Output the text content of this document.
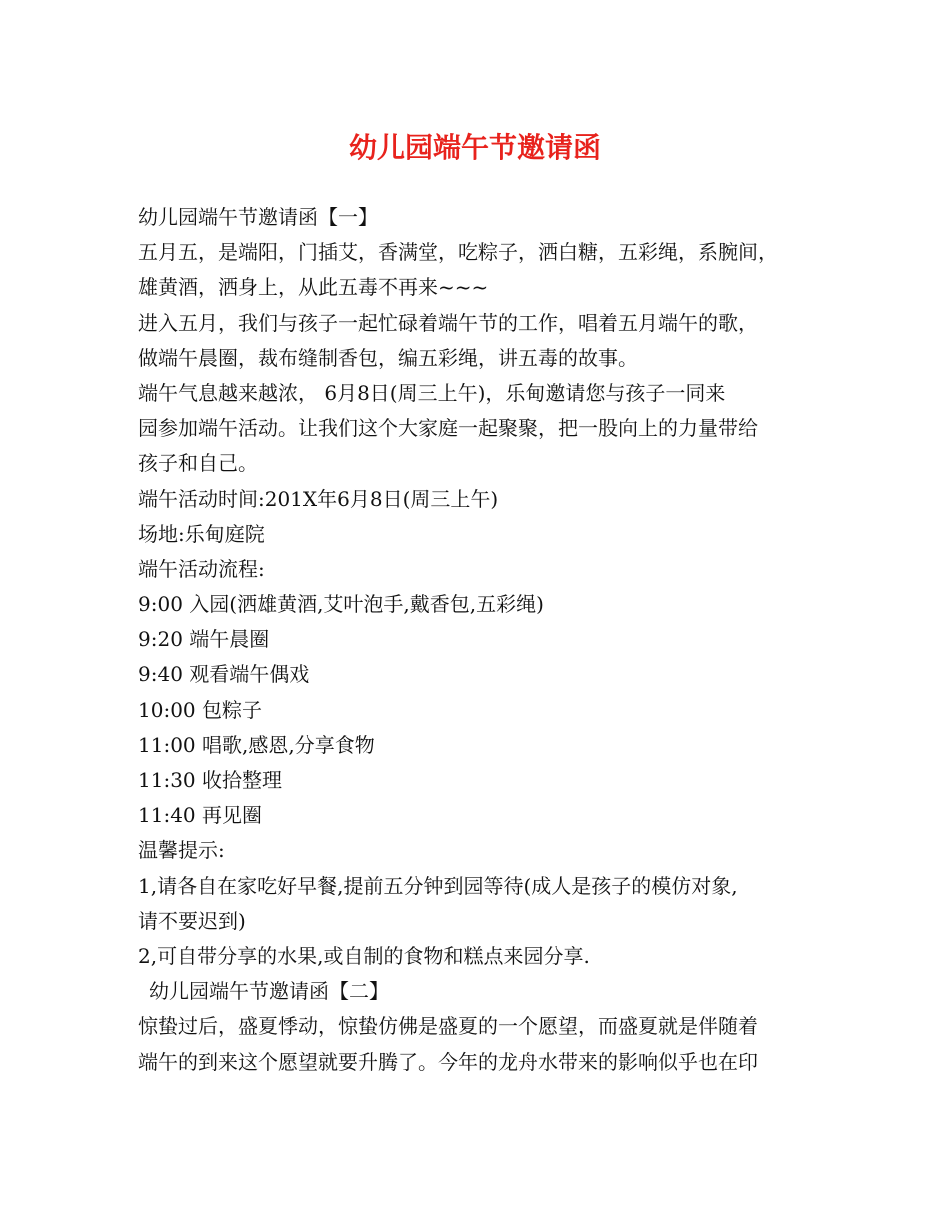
幼儿园端午节邀请函
幼儿园端午节邀请函【一】
五月五，是端阳，门插艾，香满堂，吃粽子，洒白糖，五彩绳，系腕间，
雄黄酒，洒身上，从此五毒不再来~~~
进入五月，我们与孩子一起忙碌着端午节的工作，唱着五月端午的歌，
做端午晨圈，裁布缝制香包，编五彩绳，讲五毒的故事。
端午气息越来越浓， 6月8日(周三上午)，乐甸邀请您与孩子一同来
园参加端午活动。让我们这个大家庭一起聚聚，把一股向上的力量带给
孩子和自己。
端午活动时间:201X年6月8日(周三上午)
场地:乐甸庭院
端午活动流程:
9:00 入园(洒雄黄酒,艾叶泡手,戴香包,五彩绳)
9:20 端午晨圈
9:40 观看端午偶戏
10:00 包粽子
11:00 唱歌,感恩,分享食物
11:30 收拾整理
11:40 再见圈
温馨提示:
1,请各自在家吃好早餐,提前五分钟到园等待(成人是孩子的模仿对象,
请不要迟到)
2,可自带分享的水果,或自制的食物和糕点来园分享.
幼儿园端午节邀请函【二】
惊蛰过后，盛夏悸动，惊蛰仿佛是盛夏的一个愿望，而盛夏就是伴随着
端午的到来这个愿望就要升腾了。今年的龙舟水带来的影响似乎也在印
